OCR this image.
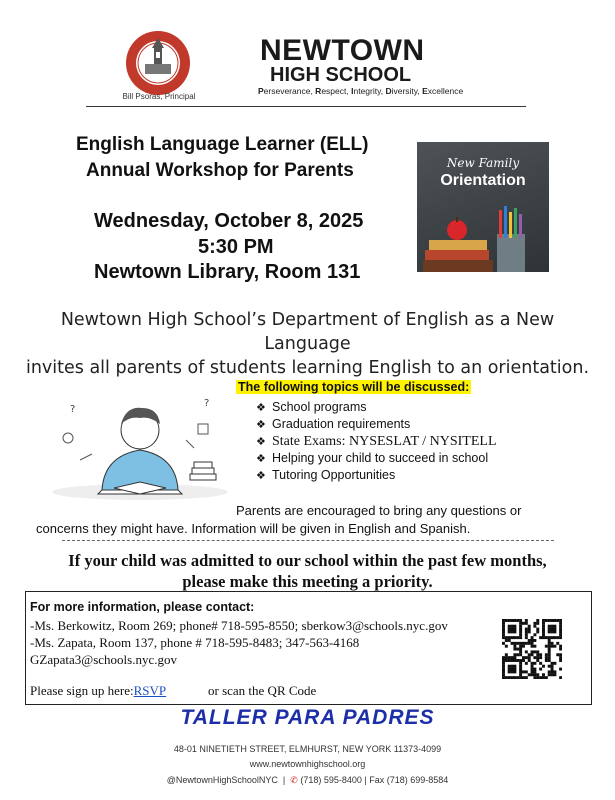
Bill Psoras, Principal
NEWTOWN
HIGH SCHOOL
Perseverance, Respect, Integrity, Diversity, Excellence
English Language Learner (ELL)
Annual Workshop for Parents
Wednesday, October 8, 2025
5:30 PM
Newtown Library, Room 131
New Family
Orientation
Newtown High School’s Department of English as a New Language
invites all parents of students learning English to an orientation.
?
?
The following topics will be discussed:
❖ School programs
❖ Graduation requirements
❖ State Exams: NYSESLAT / NYSITELL
❖ Helping your child to succeed in school
❖ Tutoring Opportunities
Parents are encouraged to bring any questions or
concerns they might have. Information will be given in English and Spanish.
If your child was admitted to our school within the past few months,
please make this meeting a priority.
For more information, please contact:
-Ms. Berkowitz, Room 269; phone# 718-595-8550; sberkow3@schools.nyc.gov
-Ms. Zapata, Room 137, phone # 718-595-8483; 347-563-4168
GZapata3@schools.nyc.gov
Please sign up here:RSVP	or scan the QR Code
TALLER PARA PADRES
48-01 NINETIETH STREET, ELMHURST, NEW YORK 11373-4099
www.newtownhighschool.org
@NewtownHighSchoolNYC  |  ✆ (718) 595-8400 | Fax (718) 699-8584
